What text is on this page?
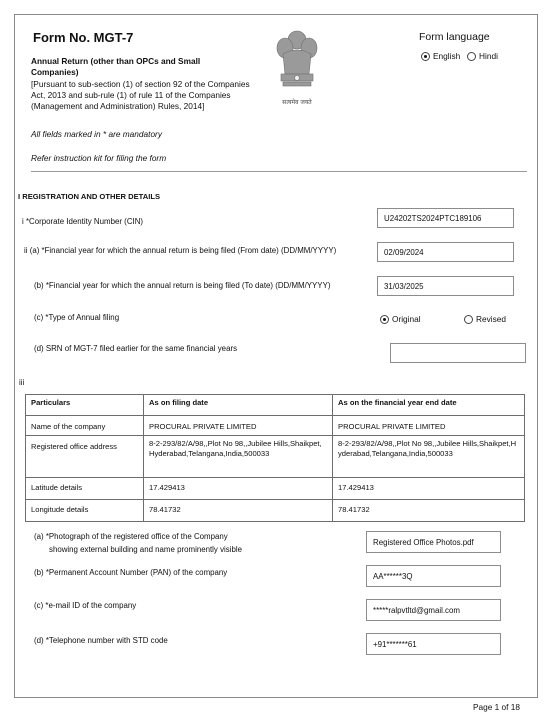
Form No. MGT-7
Annual Return (other than OPCs and Small Companies)
[Pursuant to sub-section (1) of section 92 of the Companies Act, 2013 and sub-rule (1) of rule 11 of the Companies (Management and Administration) Rules, 2014]	सत्यमेव जयते
Form language
English Hindi
All fields marked in * are mandatory
Refer instruction kit for filing the form
I REGISTRATION AND OTHER DETAILS
i *Corporate Identity Number (CIN)	U24202TS2024PTC189106
ii (a) *Financial year for which the annual return is being filed (From date) (DD/MM/YYYY)	02/09/2024
(b) *Financial year for which the annual return is being filed (To date) (DD/MM/YYYY)	31/03/2025
(c) *Type of Annual filing	Original	Revised
(d) SRN of MGT-7 filed earlier for the same financial years
iii
Particulars	As on filing date	As on the financial year end date
Name of the company	PROCURAL PRIVATE LIMITED	PROCURAL PRIVATE LIMITED
Registered office address	8-2-293/82/A/98,,Plot No 98,,Jubilee Hills,Shaikpet,Hyderabad,Telangana,India,500033	8-2-293/82/A/98,,Plot No 98,,Jubilee Hills,Shaikpet,Hyderabad,Telangana,India,500033
Latitude details	17.429413	17.429413
Longitude details	78.41732	78.41732
(a) *Photograph of the registered office of the Company
showing external building and name prominently visible
Registered Office Photos.pdf
(b) *Permanent Account Number (PAN) of the company	AA******3Q
(c) *e-mail ID of the company	*****ralpvtltd@gmail.com
(d) *Telephone number with STD code	+91*******61
Page 1 of 18
